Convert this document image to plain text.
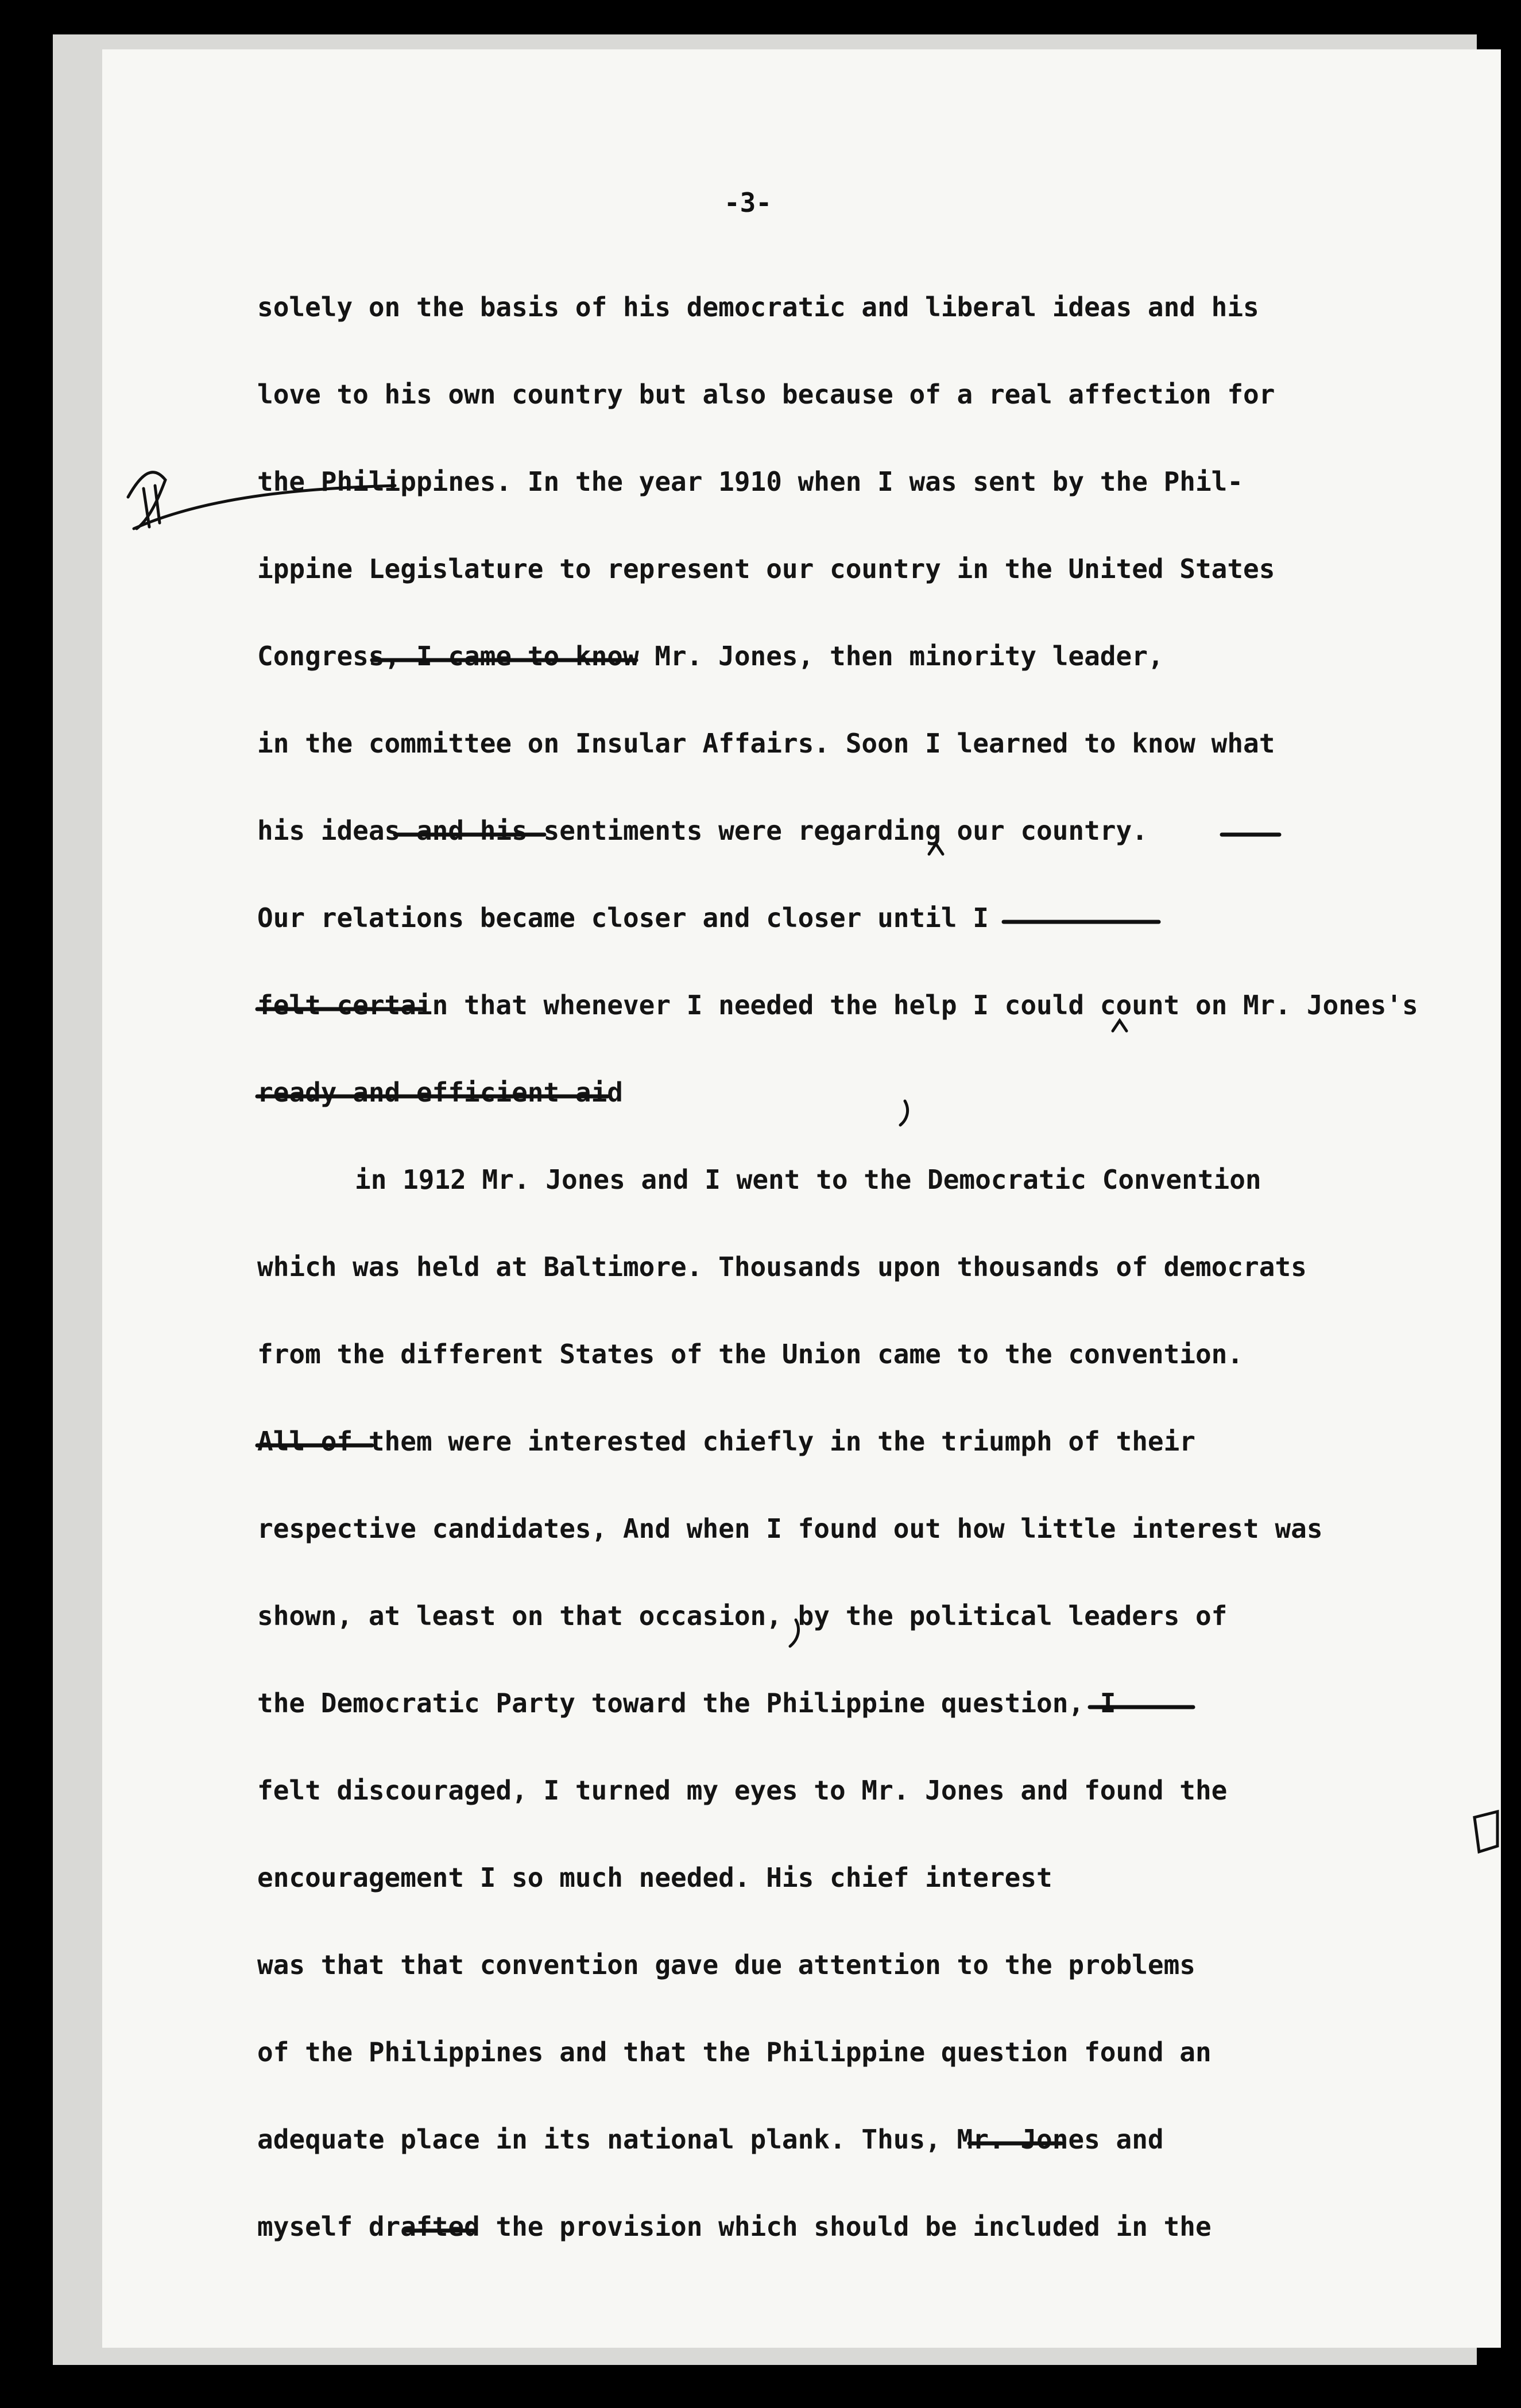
-3-
solely on the basis of his democratic and liberal ideas and his
love to his own country but also because of a real affection for
the Philippines. In the year 1910 when I was sent by the Phil-
ippine Legislature to represent our country in the United States
Congress, I came to know Mr. Jones, then minority leader,
in the committee on Insular Affairs. Soon I learned to know what
his ideas and his sentiments were regarding our country.
Our relations became closer and closer until I
felt certain that whenever I needed the help I could count on Mr. Jones's
ready and efficient aid
in 1912 Mr. Jones and I went to the Democratic Convention
which was held at Baltimore. Thousands upon thousands of democrats
from the different States of the Union came to the convention.
All of them were interested chiefly in the triumph of their
respective candidates, And when I found out how little interest was
shown, at least on that occasion, by the political leaders of
the Democratic Party toward the Philippine question, I
felt discouraged, I turned my eyes to Mr. Jones and found the
encouragement I so much needed. His chief interest
was that that convention gave due attention to the problems
of the Philippines and that the Philippine question found an
adequate place in its national plank. Thus, Mr. Jones and
myself drafted the provision which should be included in the
